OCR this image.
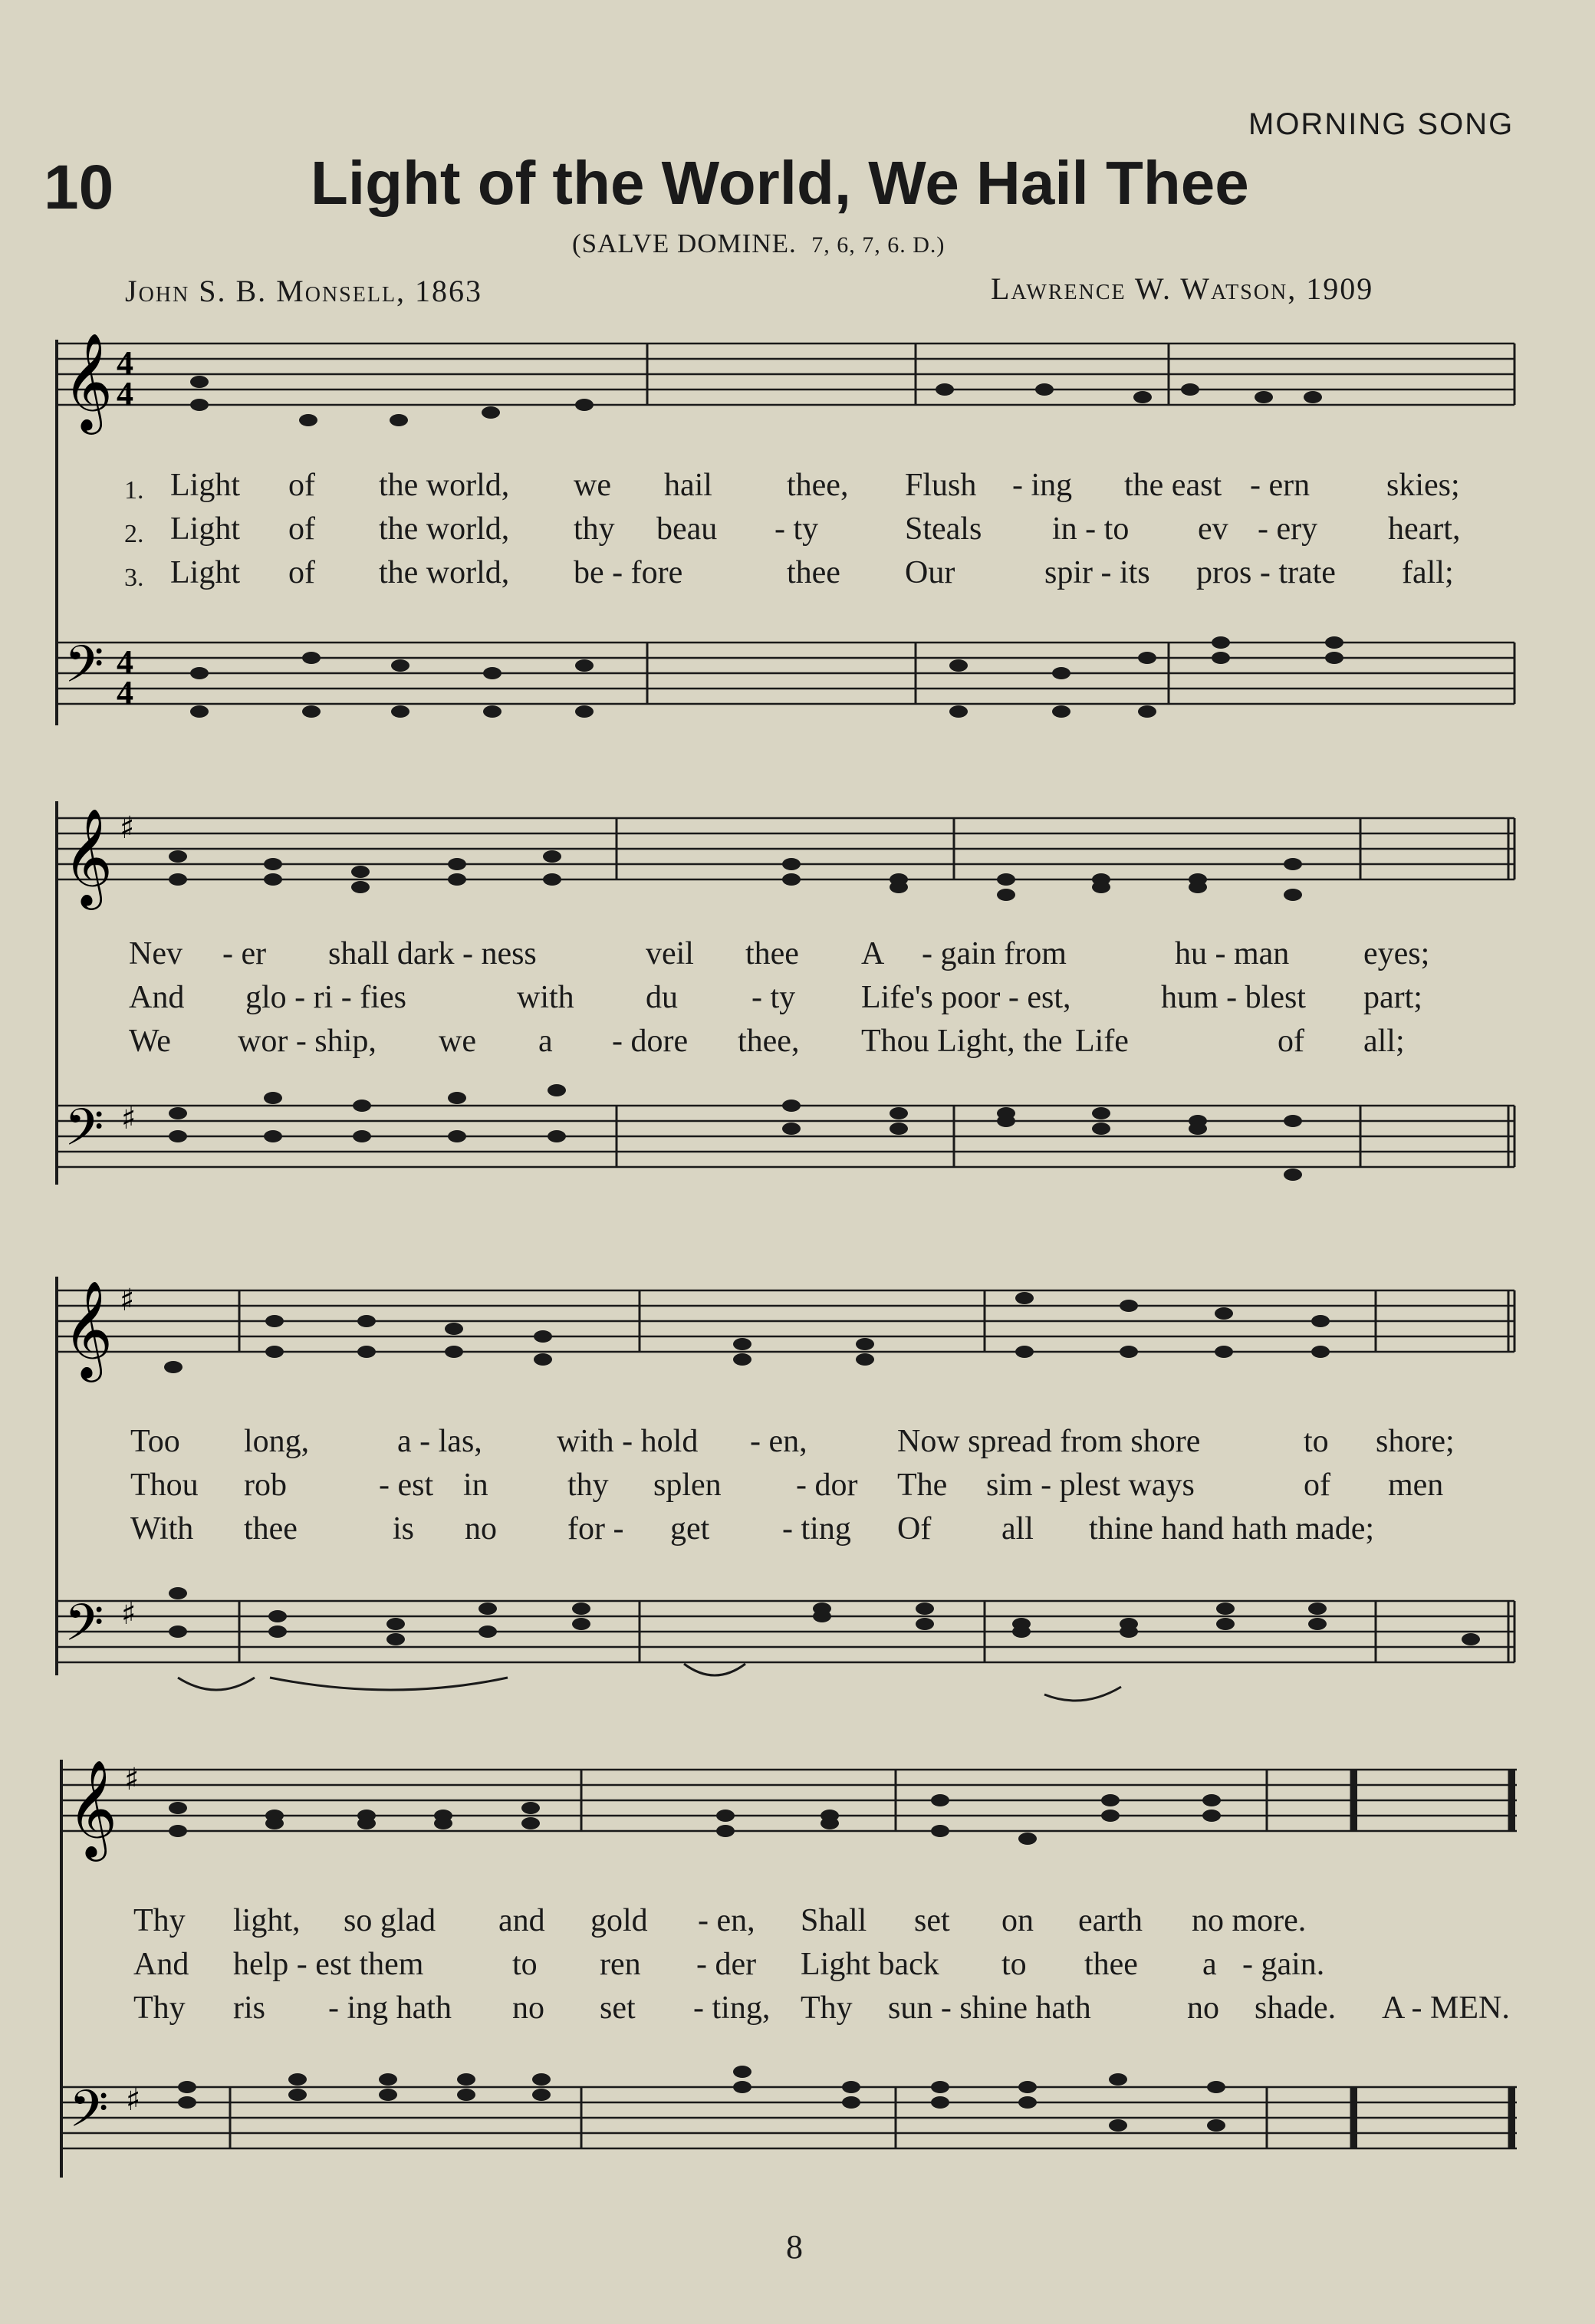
MORNING SONG
10	Light of the World, We Hail Thee
(SALVE DOMINE. 7, 6, 7, 6. D.)
John S. B. Monsell, 1863	Lawrence W. Watson, 1909
𝄞 4
4
1. Light of the world, we hail thee, Flush - ing the east - ern skies;
2. Light of the world, thy beau - ty	Steals in - to ev - ery heart,
3. Light of the world, be - fore	thee Our	spir - its pros - trate fall;
𝄢 4
4
𝄞 ♯
Nev - er shall dark - ness	veil thee A - gain from	hu - man eyes;
And glo - ri - fies	with du - ty Life's poor - est,	hum - blest part;
We wor - ship, we a - dore thee, Thou Light, the Life	of all;
𝄢 ♯
𝄞 ♯
Too long,	a - las, with - hold - en,	Now spread from shore	to shore;
Thou rob	- est in thy splen - dor The sim - plest ways	of men
With thee	is no for - get - ting Of all thine hand hath made;
𝄢 ♯
𝄞 ♯
Thy light, so glad and gold - en, Shall set on earth no more.
And help - est them	to ren - der Light back to thee a - gain.
Thy ris - ing hath no set - ting, Thy sun - shine hath	no shade. A - MEN.
𝄢 ♯
8
